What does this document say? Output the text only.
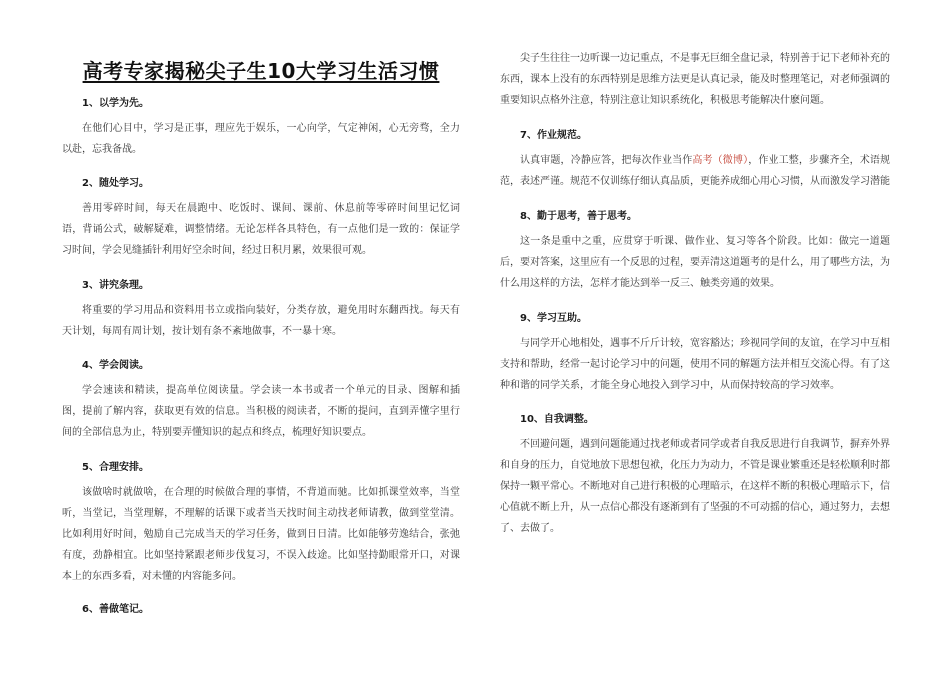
高考专家揭秘尖子生10大学习生活习惯
1、以学为先。
在他们心目中，学习是正事，理应先于娱乐，一心向学，气定神闲，心无旁骛，全力以赴，忘我备战。
2、随处学习。
善用零碎时间，每天在晨跑中、吃饭时、课间、课前、休息前等零碎时间里记忆词语，背诵公式，破解疑难，调整情绪。无论怎样各具特色，有一点他们是一致的：保证学习时间，学会见缝插针利用好空余时间，经过日积月累，效果很可观。
3、讲究条理。
将重要的学习用品和资料用书立或指向装好，分类存放，避免用时东翻西找。每天有天计划，每周有周计划，按计划有条不紊地做事，不一暴十寒。
4、学会阅读。
学会速读和精读，提高单位阅读量。学会读一本书或者一个单元的目录、图解和插图，提前了解内容，获取更有效的信息。当积极的阅读者，不断的提问，直到弄懂字里行间的全部信息为止，特别要弄懂知识的起点和终点，梳理好知识要点。
5、合理安排。
该做啥时就做啥，在合理的时候做合理的事情，不背道而驰。比如抓课堂效率，当堂听，当堂记，当堂理解，不理解的话课下或者当天找时间主动找老师请教，做到堂堂清。比如利用好时间，勉励自己完成当天的学习任务，做到日日清。比如能够劳逸结合，张弛有度，劲静相宜。比如坚持紧跟老师步伐复习，不误入歧途。比如坚持勤眼常开口，对课本上的东西多看，对未懂的内容能多问。
6、善做笔记。
尖子生往往一边听课一边记重点，不是事无巨细全盘记录，特别善于记下老师补充的东西，课本上没有的东西特别是思维方法更是认真记录，能及时整理笔记，对老师强调的重要知识点格外注意，特别注意让知识系统化，积极思考能解决什麽问题。
7、作业规范。
认真审题，冷静应答，把每次作业当作高考（微博），作业工整，步骤齐全，术语规范，表述严谨。规范不仅训练仔细认真品质，更能养成细心用心习惯，从而激发学习潜能
8、勤于思考，善于思考。
这一条是重中之重，应贯穿于听课、做作业、复习等各个阶段。比如：做完一道题后，要对答案，这里应有一个反思的过程，要弄清这道题考的是什么，用了哪些方法，为什么用这样的方法，怎样才能达到举一反三、触类旁通的效果。
9、学习互助。
与同学开心地相处，遇事不斤斤计较，宽容豁达；珍视同学间的友谊，在学习中互相支持和帮助，经常一起讨论学习中的问题，使用不同的解题方法并相互交流心得。有了这种和谐的同学关系，才能全身心地投入到学习中，从而保持较高的学习效率。
10、自我调整。
不回避问题，遇到问题能通过找老师或者同学或者自我反思进行自我调节，摒弃外界和自身的压力，自觉地放下思想包袱，化压力为动力，不管是课业繁重还是轻松顺利时都保持一颗平常心。不断地对自己进行积极的心理暗示，在这样不断的积极心理暗示下，信心值就不断上升，从一点信心都没有逐渐到有了坚强的不可动摇的信心，通过努力，去想了、去做了。
